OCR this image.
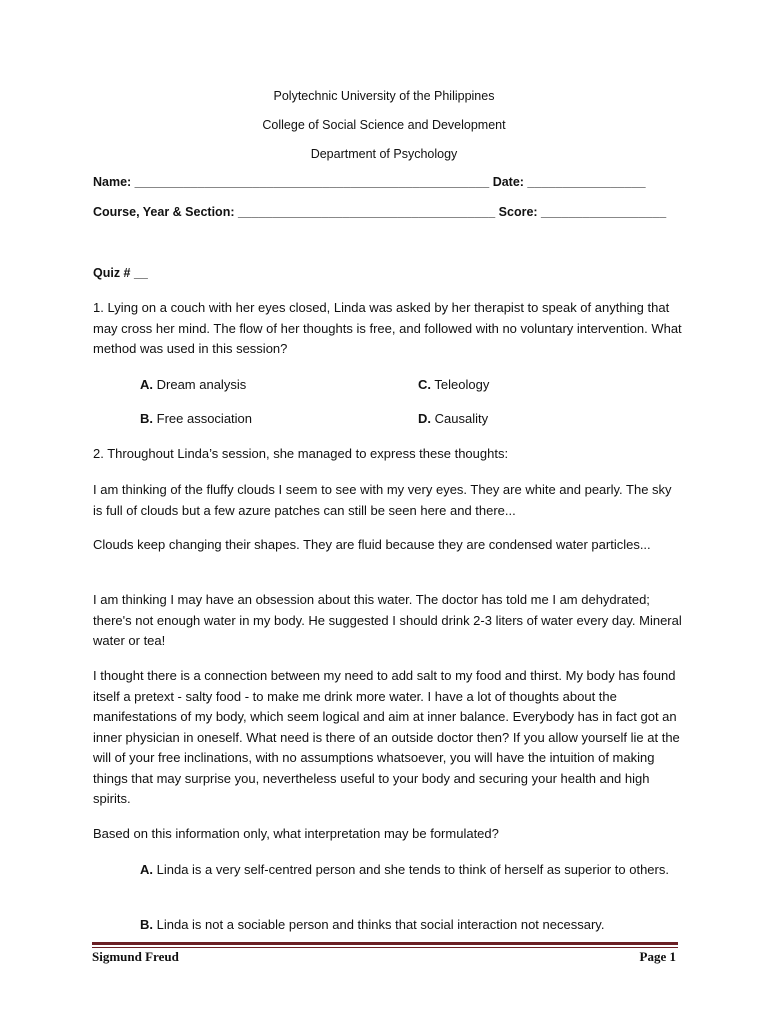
Polytechnic University of the Philippines
College of Social Science and Development
Department of Psychology
Name: ___________________________________________________ Date: _________________
Course, Year & Section: _____________________________________ Score: __________________
Quiz # __
1. Lying on a couch with her eyes closed, Linda was asked by her therapist to speak of anything that may cross her mind. The flow of her thoughts is free, and followed with no voluntary intervention. What method was used in this session?
A. Dream analysis	C. Teleology
B. Free association	D. Causality
2. Throughout Linda’s session, she managed to express these thoughts:
I am thinking of the fluffy clouds I seem to see with my very eyes. They are white and pearly. The sky is full of clouds but a few azure patches can still be seen here and there...
Clouds keep changing their shapes. They are fluid because they are condensed water particles...
I am thinking I may have an obsession about this water. The doctor has told me I am dehydrated; there's not enough water in my body. He suggested I should drink 2-3 liters of water every day. Mineral water or tea!
I thought there is a connection between my need to add salt to my food and thirst. My body has found itself a pretext - salty food - to make me drink more water. I have a lot of thoughts about the manifestations of my body, which seem logical and aim at inner balance. Everybody has in fact got an inner physician in oneself. What need is there of an outside doctor then? If you allow yourself lie at the will of your free inclinations, with no assumptions whatsoever, you will have the intuition of making things that may surprise you, nevertheless useful to your body and securing your health and high spirits.
Based on this information only, what interpretation may be formulated?
A. Linda is a very self-centred person and she tends to think of herself as superior to others.
B. Linda is not a sociable person and thinks that social interaction not necessary.
Sigmund Freud	Page 1
